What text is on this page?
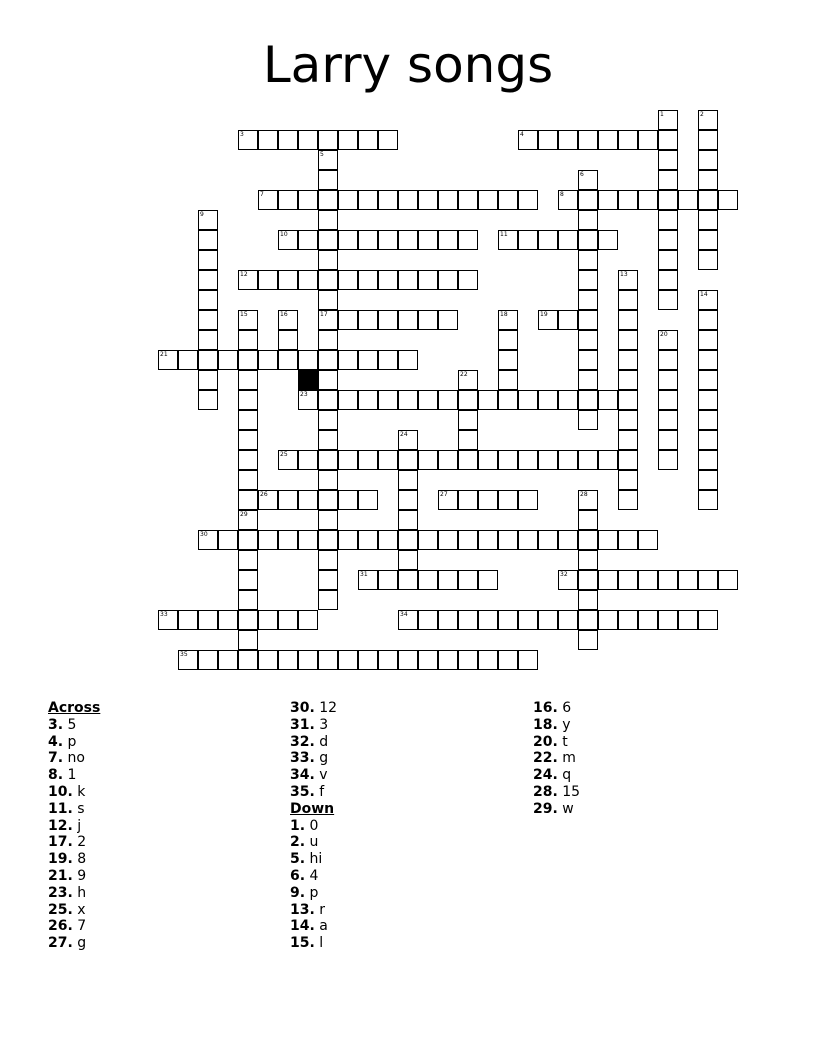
Larry songs
3	4
7	8
10	11
12
17	19
21
23
25
26	27
30
31	32
33	34
35
1	2
5
6
9
13
14
15
29
16	18
20
22
24
28
Across
3. 5
4. p
7. no
8. 1
10. k
11. s
12. j
17. 2
19. 8
21. 9
23. h
25. x
26. 7
27. g
30. 12
31. 3
32. d
33. g
34. v
35. f
Down
1. 0
2. u
5. hi
6. 4
9. p
13. r
14. a
15. l
16. 6
18. y
20. t
22. m
24. q
28. 15
29. w
